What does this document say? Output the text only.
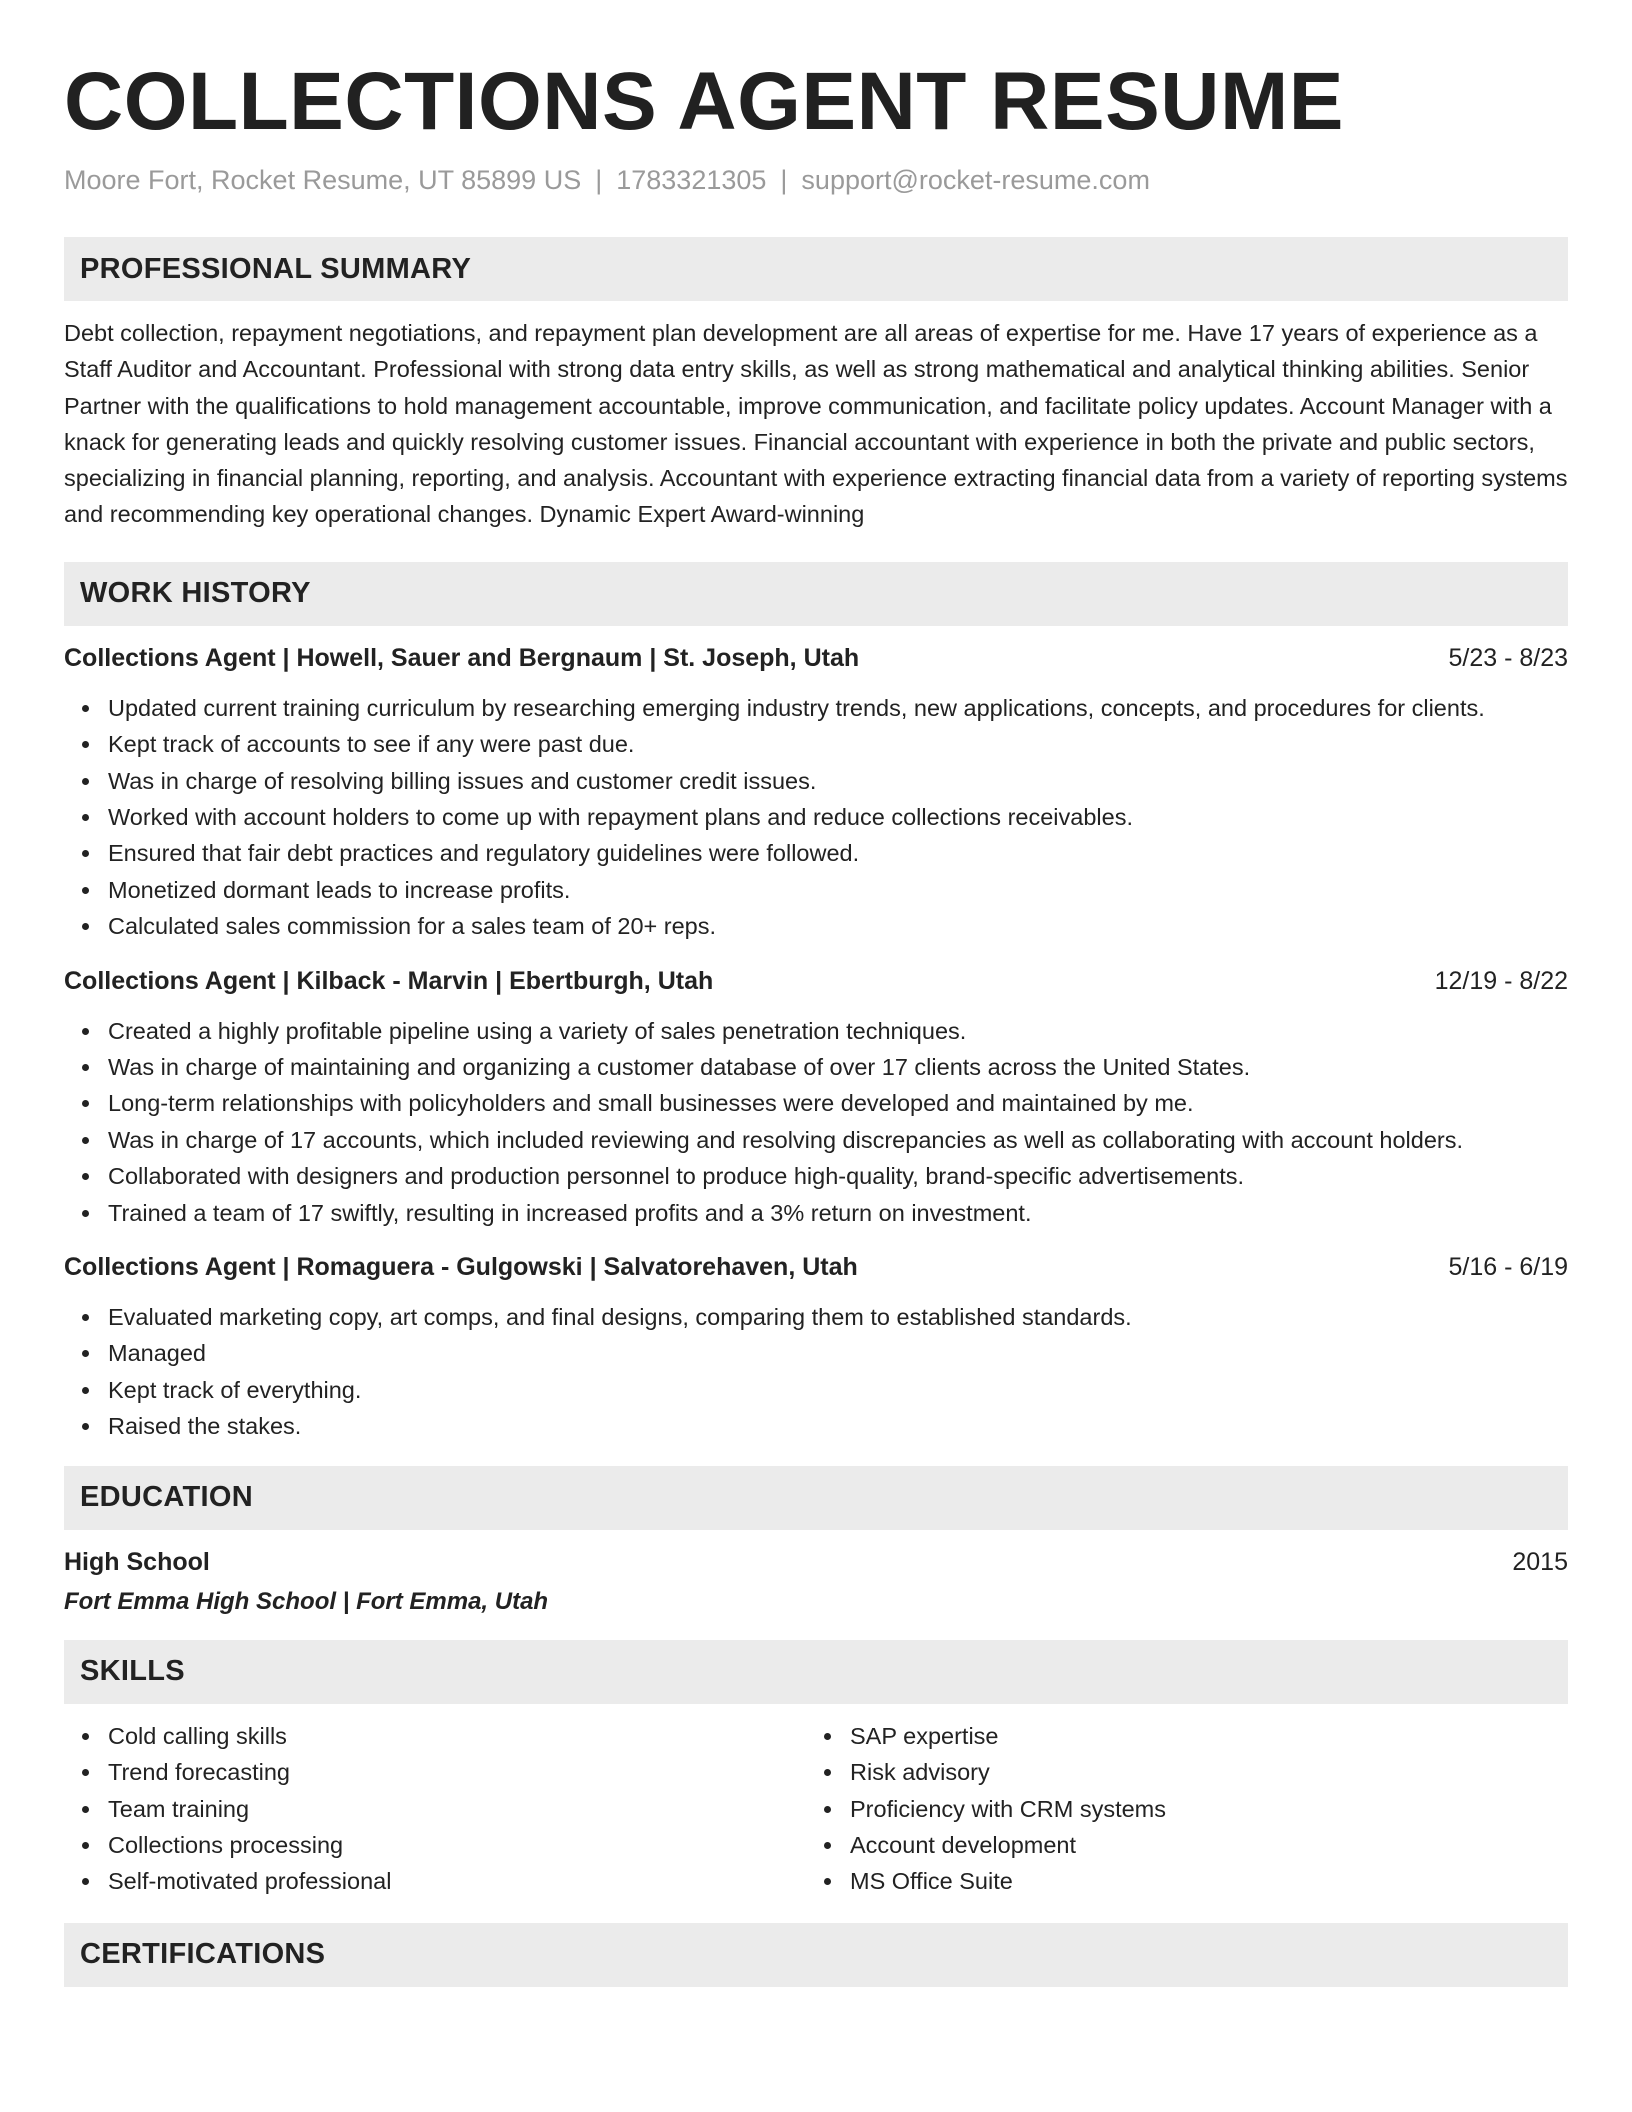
COLLECTIONS AGENT RESUME
Moore Fort, Rocket Resume, UT 85899 US | 1783321305 | support@rocket-resume.com
PROFESSIONAL SUMMARY

Debt collection, repayment negotiations, and repayment plan development are all areas of expertise for me. Have 17 years of experience as a Staff Auditor and Accountant. Professional with strong data entry skills, as well as strong mathematical and analytical thinking abilities. Senior Partner with the qualifications to hold management accountable, improve communication, and facilitate policy updates. Account Manager with a knack for generating leads and quickly resolving customer issues. Financial accountant with experience in both the private and public sectors, specializing in financial planning, reporting, and analysis. Accountant with experience extracting financial data from a variety of reporting systems and recommending key operational changes. Dynamic Expert Award-winning

WORK HISTORY
Collections Agent | Howell, Sauer and Bergnaum | St. Joseph, Utah	5/23 - 8/23
Updated current training curriculum by researching emerging industry trends, new applications, concepts, and procedures for clients.
Kept track of accounts to see if any were past due.
Was in charge of resolving billing issues and customer credit issues.
Worked with account holders to come up with repayment plans and reduce collections receivables.
Ensured that fair debt practices and regulatory guidelines were followed.
Monetized dormant leads to increase profits.
Calculated sales commission for a sales team of 20+ reps.
Collections Agent | Kilback - Marvin | Ebertburgh, Utah	12/19 - 8/22
Created a highly profitable pipeline using a variety of sales penetration techniques.
Was in charge of maintaining and organizing a customer database of over 17 clients across the United States.
Long-term relationships with policyholders and small businesses were developed and maintained by me.
Was in charge of 17 accounts, which included reviewing and resolving discrepancies as well as collaborating with account holders.
Collaborated with designers and production personnel to produce high-quality, brand-specific advertisements.
Trained a team of 17 swiftly, resulting in increased profits and a 3% return on investment.
Collections Agent | Romaguera - Gulgowski | Salvatorehaven, Utah	5/16 - 6/19
Evaluated marketing copy, art comps, and final designs, comparing them to established standards.
Managed
Kept track of everything.
Raised the stakes.
EDUCATION
High School	2015
Fort Emma High School | Fort Emma, Utah
SKILLS
Cold calling skills
Trend forecasting
Team training
Collections processing
Self-motivated professional
SAP expertise
Risk advisory
Proficiency with CRM systems
Account development
MS Office Suite
CERTIFICATIONS
